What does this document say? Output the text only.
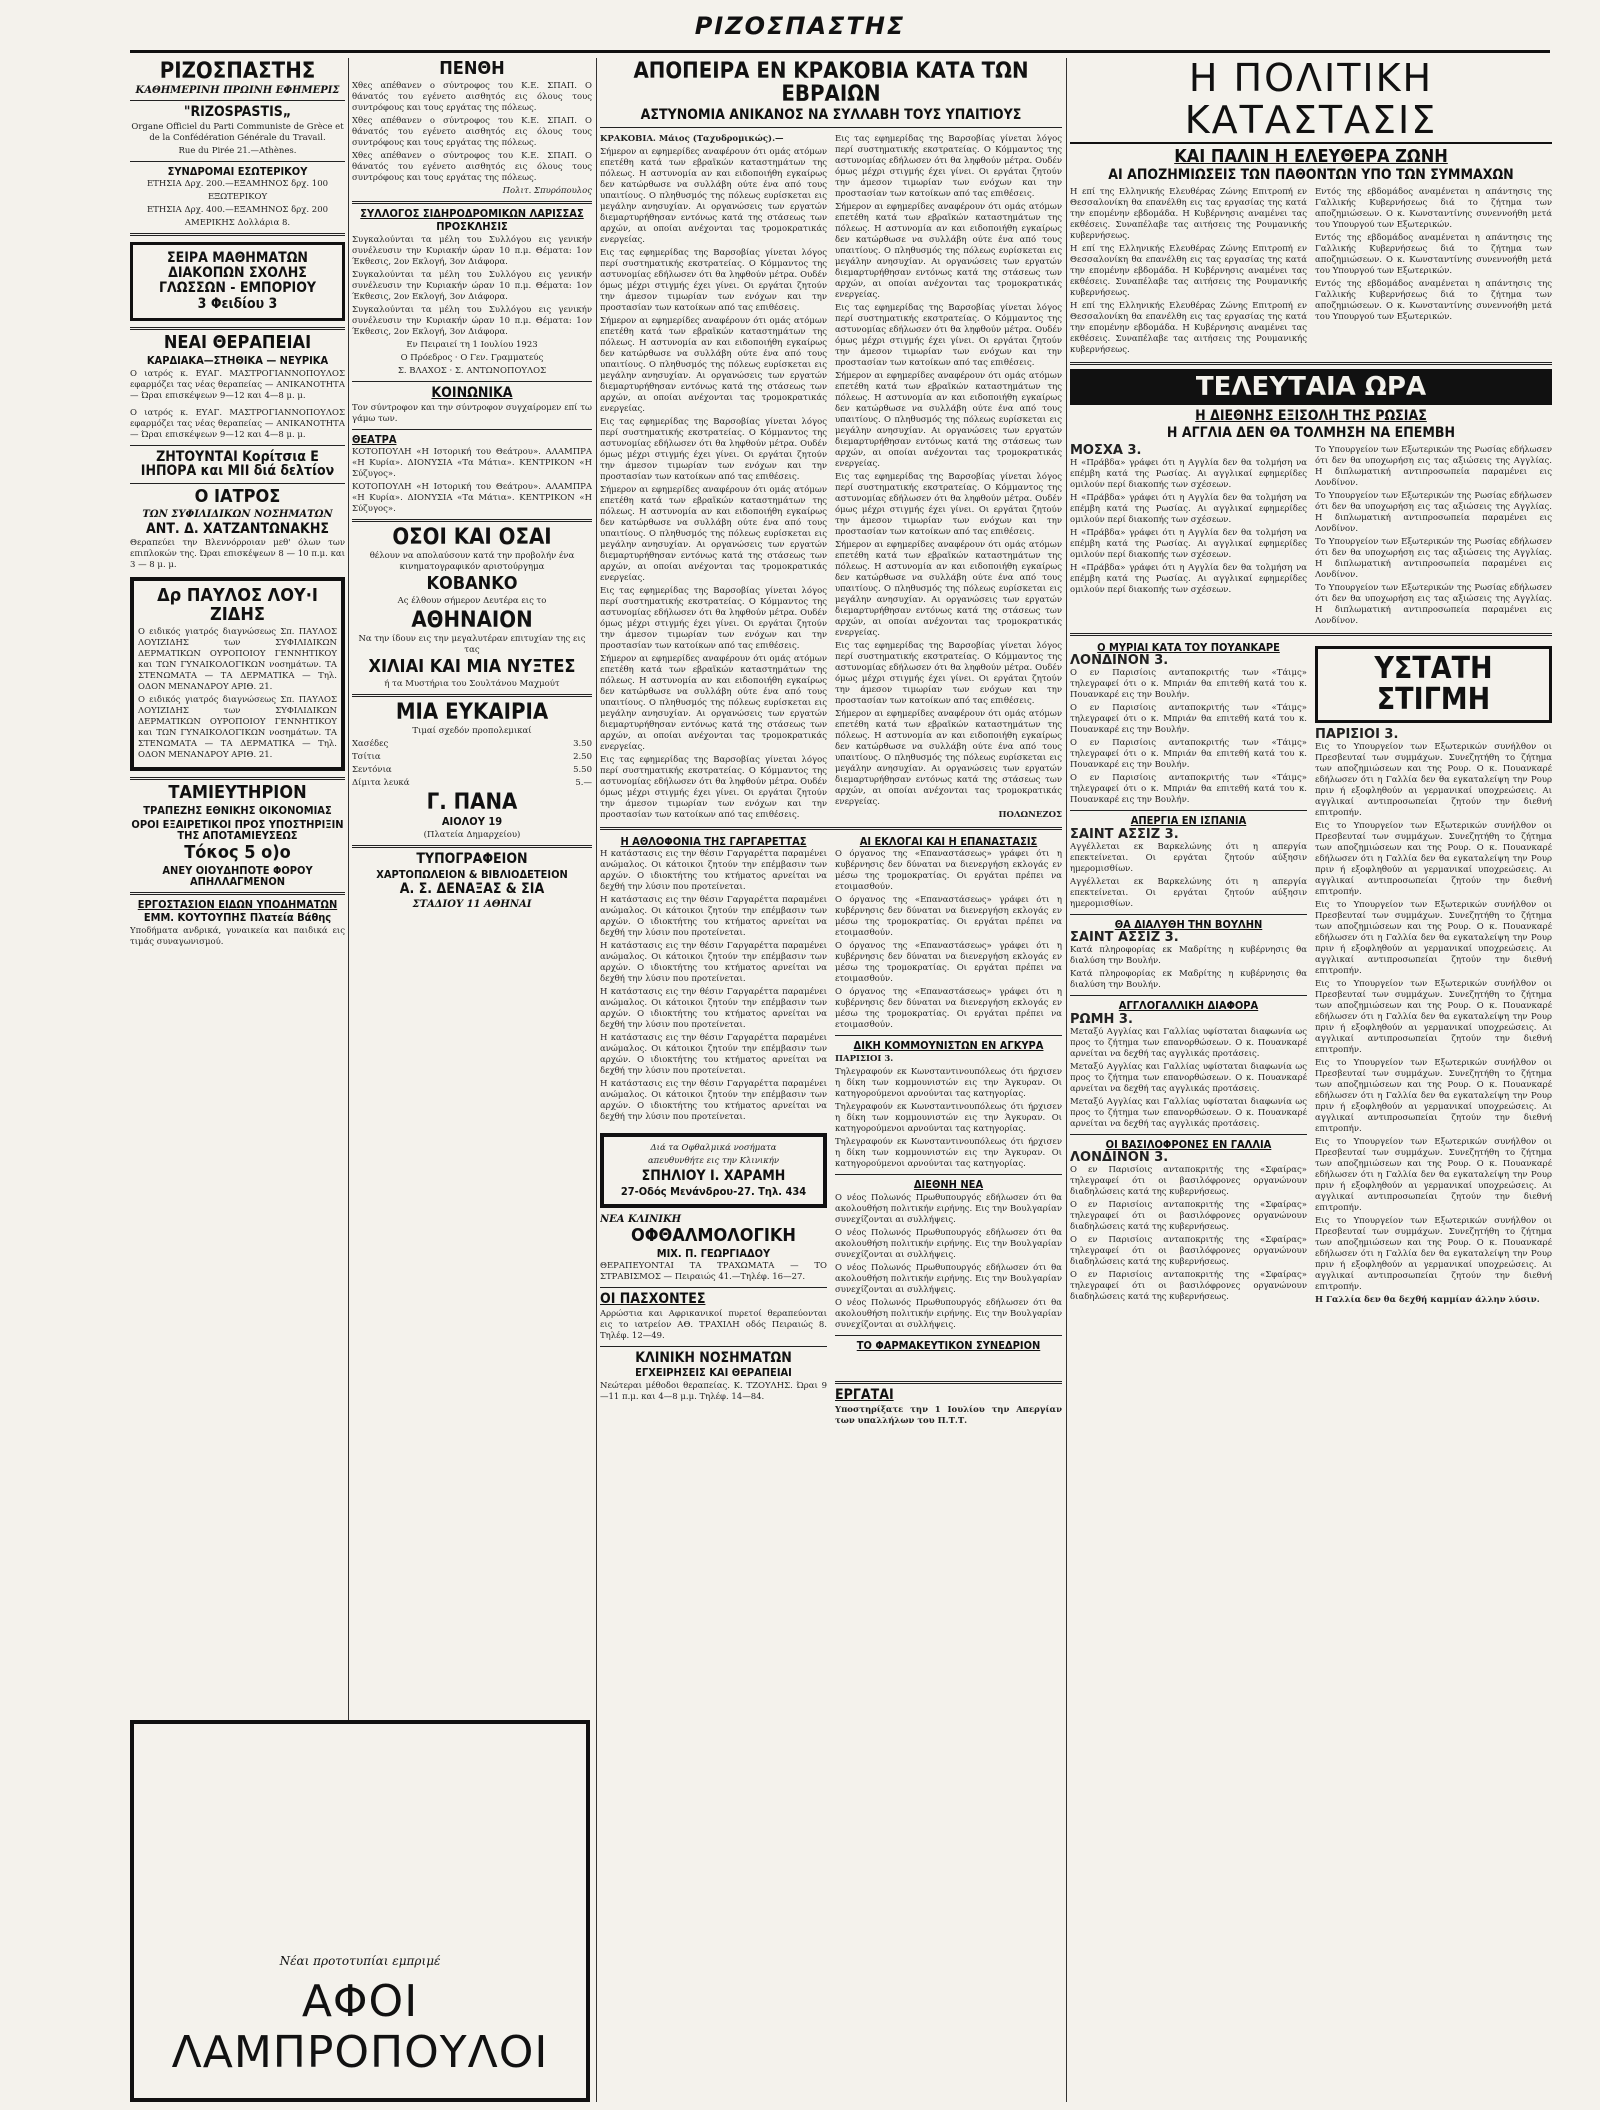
ΡΙΖΟΣΠΑΣΤΗΣ
ΡΙΖΟΣΠΑΣΤΗΣ
ΚΑΘΗΜΕΡΙΝΗ ΠΡΩΙΝΗ ΕΦΗΜΕΡΙΣ
"RIZOSPASTIS„
Organe Officiel du Parti Communiste de Grèce et de la Confédération Générale du Travail.
Rue du Pirée 21.—Athènes.
ΣΥΝΔΡΟΜΑΙ ΕΣΩΤΕΡΙΚΟΥ
ΕΤΗΣΙΑ Δρχ. 200.—ΕΞΑΜΗΝΟΣ δρχ. 100
ΕΞΩΤΕΡΙΚΟΥ
ΕΤΗΣΙΑ Δρχ. 400.—ΕΞΑΜΗΝΟΣ δρχ. 200
ΑΜΕΡΙΚΗΣ Δολλάρια 8.
ΣΕΙΡΑ ΜΑΘΗΜΑΤΩΝ ΔΙΑΚΟΠΩΝ ΣΧΟΛΗΣ ΓΛΩΣΣΩΝ - ΕΜΠΟΡΙΟΥ
3 Φειδίου 3
ΝΕΑΙ ΘΕΡΑΠΕΙΑΙ
ΚΑΡΔΙΑΚΑ—ΣΤΗΘΙΚΑ — ΝΕΥΡΙΚΑ
Ο ιατρός κ. ΕΥΑΓ. ΜΑΣΤΡΟΓΙΑΝΝΟΠΟΥΛΟΣ εφαρμόζει τας νέας θεραπείας — ΑΝΙΚΑΝΟΤΗΤΑ — Ώραι επισκέψεων 9—12 και 4—8 μ. μ.
Ο ιατρός κ. ΕΥΑΓ. ΜΑΣΤΡΟΓΙΑΝΝΟΠΟΥΛΟΣ εφαρμόζει τας νέας θεραπείας — ΑΝΙΚΑΝΟΤΗΤΑ — Ώραι επισκέψεων 9—12 και 4—8 μ. μ.
ΖΗΤΟΥΝΤΑΙ Κορίτσια Ε ΙΗΠΟΡΑ και ΜΙΙ διά δελτίον
Ο ΙΑΤΡΟΣ
ΤΩΝ ΣΥΦΙΛΙΔΙΚΩΝ ΝΟΣΗΜΑΤΩΝ
ΑΝΤ. Δ. ΧΑΤΖΑΝΤΩΝΑΚΗΣ
Θεραπεύει την Βλεννόρροιαν μεθ' όλων των επιπλοκών της. Ώραι επισκέψεων 8 — 10 π.μ. και 3 — 8 μ. μ.
Δρ ΠΑΥΛΟΣ ΛΟΥ·Ι ΖΙΔΗΣ
Ο ειδικός γιατρός διαγνώσεως Σπ. ΠΑΥΛΟΣ ΛΟΥΙΖΙΔΗΣ των ΣΥΦΙΛΙΔΙΚΩΝ ΔΕΡΜΑΤΙΚΩΝ ΟΥΡΟΠΟΙΟΥ ΓΕΝΝΗΤΙΚΟΥ και ΤΩΝ ΓΥΝΑΙΚΟΛΟΓΙΚΩΝ νοσημάτων. ΤΑ ΣΤΕΝΩΜΑΤΑ — ΤΑ ΔΕΡΜΑΤΙΚΑ — Τηλ. ΟΔΟΝ ΜΕΝΑΝΔΡΟΥ ΑΡΙΘ. 21.
Ο ειδικός γιατρός διαγνώσεως Σπ. ΠΑΥΛΟΣ ΛΟΥΙΖΙΔΗΣ των ΣΥΦΙΛΙΔΙΚΩΝ ΔΕΡΜΑΤΙΚΩΝ ΟΥΡΟΠΟΙΟΥ ΓΕΝΝΗΤΙΚΟΥ και ΤΩΝ ΓΥΝΑΙΚΟΛΟΓΙΚΩΝ νοσημάτων. ΤΑ ΣΤΕΝΩΜΑΤΑ — ΤΑ ΔΕΡΜΑΤΙΚΑ — Τηλ. ΟΔΟΝ ΜΕΝΑΝΔΡΟΥ ΑΡΙΘ. 21.
ΤΑΜΙΕΥΤΗΡΙΟΝ
ΤΡΑΠΕΖΗΣ ΕΘΝΙΚΗΣ ΟΙΚΟΝΟΜΙΑΣ
ΟΡΟΙ ΕΞΑΙΡΕΤΙΚΟΙ ΠΡΟΣ ΥΠΟΣΤΗΡΙΞΙΝ ΤΗΣ ΑΠΟΤΑΜΙΕΥΣΕΩΣ
Τόκος 5 ο)ο
ΑΝΕΥ ΟΙΟΥΔΗΠΟΤΕ ΦΟΡΟΥ ΑΠΗΛΛΑΓΜΕΝΟΝ
ΕΡΓΟΣΤΑΣΙΟΝ ΕΙΔΩΝ ΥΠΟΔΗΜΑΤΩΝ
ΕΜΜ. ΚΟΥΤΟΥΠΗΣ Πλατεία Βάθης
Υποδήματα ανδρικά, γυναικεία και παιδικά εις τιμάς συναγωνισμού.
ΠΕΝΘΗ
Χθες απέθανεν ο σύντροφος του Κ.Ε. ΣΠΑΠ. Ο θάνατός του εγένετο αισθητός εις όλους τους συντρόφους και τους εργάτας της πόλεως.
Χθες απέθανεν ο σύντροφος του Κ.Ε. ΣΠΑΠ. Ο θάνατός του εγένετο αισθητός εις όλους τους συντρόφους και τους εργάτας της πόλεως.
Χθες απέθανεν ο σύντροφος του Κ.Ε. ΣΠΑΠ. Ο θάνατός του εγένετο αισθητός εις όλους τους συντρόφους και τους εργάτας της πόλεως.
Πολιτ. Σπυρόπουλος
ΣΥΛΛΟΓΟΣ ΣΙΔΗΡΟΔΡΟΜΙΚΩΝ ΛΑΡΙΣΣΑΣ
ΠΡΟΣΚΛΗΣΙΣ
Συγκαλούνται τα μέλη του Συλλόγου εις γενικήν συνέλευσιν την Κυριακήν ώραν 10 π.μ. Θέματα: 1ον Έκθεσις, 2ον Εκλογή, 3ον Διάφορα.
Συγκαλούνται τα μέλη του Συλλόγου εις γενικήν συνέλευσιν την Κυριακήν ώραν 10 π.μ. Θέματα: 1ον Έκθεσις, 2ον Εκλογή, 3ον Διάφορα.
Συγκαλούνται τα μέλη του Συλλόγου εις γενικήν συνέλευσιν την Κυριακήν ώραν 10 π.μ. Θέματα: 1ον Έκθεσις, 2ον Εκλογή, 3ον Διάφορα.
Εν Πειραιεί τη 1 Ιουλίου 1923
Ο Πρόεδρος · Ο Γεν. Γραμματεύς
Σ. ΒΛΑΧΟΣ · Σ. ΑΝΤΩΝΟΠΟΥΛΟΣ
ΚΟΙΝΩΝΙΚΑ
Τον σύντροφον και την σύντροφον συγχαίρομεν επί τω γάμω των.
ΘΕΑΤΡΑ
ΚΟΤΟΠΟΥΛΗ «Η Ιστορική του Θεάτρου». ΑΛΑΜΠΡΑ «Η Κυρία». ΔΙΟΝΥΣΙΑ «Τα Μάτια». ΚΕΝΤΡΙΚΟΝ «Η Σύζυγος».
ΚΟΤΟΠΟΥΛΗ «Η Ιστορική του Θεάτρου». ΑΛΑΜΠΡΑ «Η Κυρία». ΔΙΟΝΥΣΙΑ «Τα Μάτια». ΚΕΝΤΡΙΚΟΝ «Η Σύζυγος».
ΟΣΟΙ ΚΑΙ ΟΣΑΙ
θέλουν να απολαύσουν κατά την προβολήν ένα κινηματογραφικόν αριστούργημα
ΚΟΒΑΝΚΟ
Ας έλθουν σήμερον Δευτέρα εις το
ΑΘΗΝΑΙΟΝ
Να την ίδουν εις την μεγαλυτέραν επιτυχίαν της εις τας
ΧΙΛΙΑΙ ΚΑΙ ΜΙΑ ΝΥΞΤΕΣ
ή τα Μυστήρια του Σουλτάνου Μαχμούτ
ΜΙΑ ΕΥΚΑΙΡΙΑ
Τιμαί σχεδόν προπολεμικαί
Χασέδες	3.50
Τσίτια	2.50
Σεντόνια	5.50
Δίμιτα λευκά	5.—
Γ. ΠΑΝΑ
ΑΙΟΛΟΥ 19
(Πλατεία Δημαρχείου)
ΤΥΠΟΓΡΑΦΕΙΟΝ
ΧΑΡΤΟΠΩΛΕΙΟΝ & ΒΙΒΛΙΟΔΕΤΕΙΟΝ
Α. Σ. ΔΕΝΑΞΑΣ & ΣΙΑ
ΣΤΑΔΙΟΥ 11 ΑΘΗΝΑΙ
ΑΠΟΠΕΙΡΑ ΕΝ ΚΡΑΚΟΒΙΑ ΚΑΤΑ ΤΩΝ ΕΒΡΑΙΩΝ
ΑΣΤΥΝΟΜΙΑ ΑΝΙΚΑΝΟΣ ΝΑ ΣΥΛΛΑΒΗ ΤΟΥΣ ΥΠΑΙΤΙΟΥΣ
ΚΡΑΚΟΒΙΑ. Μάιος (Ταχυδρομικώς).—
Σήμερον αι εφημερίδες αναφέρουν ότι ομάς ατόμων επετέθη κατά των εβραϊκών καταστημάτων της πόλεως. Η αστυνομία αν και ειδοποιήθη εγκαίρως δεν κατώρθωσε να συλλάβη ούτε ένα από τους υπαιτίους. Ο πληθυσμός της πόλεως ευρίσκεται εις μεγάλην ανησυχίαν. Αι οργανώσεις των εργατών διεμαρτυρήθησαν εντόνως κατά της στάσεως των αρχών, αι οποίαι ανέχονται τας τρομοκρατικάς ενεργείας.
Εις τας εφημερίδας της Βαρσοβίας γίνεται λόγος περί συστηματικής εκστρατείας. Ο Κόμμαντος της αστυνομίας εδήλωσεν ότι θα ληφθούν μέτρα. Ουδέν όμως μέχρι στιγμής έχει γίνει. Οι εργάται ζητούν την άμεσον τιμωρίαν των ενόχων και την προστασίαν των κατοίκων από τας επιθέσεις.
Σήμερον αι εφημερίδες αναφέρουν ότι ομάς ατόμων επετέθη κατά των εβραϊκών καταστημάτων της πόλεως. Η αστυνομία αν και ειδοποιήθη εγκαίρως δεν κατώρθωσε να συλλάβη ούτε ένα από τους υπαιτίους. Ο πληθυσμός της πόλεως ευρίσκεται εις μεγάλην ανησυχίαν. Αι οργανώσεις των εργατών διεμαρτυρήθησαν εντόνως κατά της στάσεως των αρχών, αι οποίαι ανέχονται τας τρομοκρατικάς ενεργείας.
Εις τας εφημερίδας της Βαρσοβίας γίνεται λόγος περί συστηματικής εκστρατείας. Ο Κόμμαντος της αστυνομίας εδήλωσεν ότι θα ληφθούν μέτρα. Ουδέν όμως μέχρι στιγμής έχει γίνει. Οι εργάται ζητούν την άμεσον τιμωρίαν των ενόχων και την προστασίαν των κατοίκων από τας επιθέσεις.
Σήμερον αι εφημερίδες αναφέρουν ότι ομάς ατόμων επετέθη κατά των εβραϊκών καταστημάτων της πόλεως. Η αστυνομία αν και ειδοποιήθη εγκαίρως δεν κατώρθωσε να συλλάβη ούτε ένα από τους υπαιτίους. Ο πληθυσμός της πόλεως ευρίσκεται εις μεγάλην ανησυχίαν. Αι οργανώσεις των εργατών διεμαρτυρήθησαν εντόνως κατά της στάσεως των αρχών, αι οποίαι ανέχονται τας τρομοκρατικάς ενεργείας.
Εις τας εφημερίδας της Βαρσοβίας γίνεται λόγος περί συστηματικής εκστρατείας. Ο Κόμμαντος της αστυνομίας εδήλωσεν ότι θα ληφθούν μέτρα. Ουδέν όμως μέχρι στιγμής έχει γίνει. Οι εργάται ζητούν την άμεσον τιμωρίαν των ενόχων και την προστασίαν των κατοίκων από τας επιθέσεις.
Σήμερον αι εφημερίδες αναφέρουν ότι ομάς ατόμων επετέθη κατά των εβραϊκών καταστημάτων της πόλεως. Η αστυνομία αν και ειδοποιήθη εγκαίρως δεν κατώρθωσε να συλλάβη ούτε ένα από τους υπαιτίους. Ο πληθυσμός της πόλεως ευρίσκεται εις μεγάλην ανησυχίαν. Αι οργανώσεις των εργατών διεμαρτυρήθησαν εντόνως κατά της στάσεως των αρχών, αι οποίαι ανέχονται τας τρομοκρατικάς ενεργείας.
Εις τας εφημερίδας της Βαρσοβίας γίνεται λόγος περί συστηματικής εκστρατείας. Ο Κόμμαντος της αστυνομίας εδήλωσεν ότι θα ληφθούν μέτρα. Ουδέν όμως μέχρι στιγμής έχει γίνει. Οι εργάται ζητούν την άμεσον τιμωρίαν των ενόχων και την προστασίαν των κατοίκων από τας επιθέσεις.
Εις τας εφημερίδας της Βαρσοβίας γίνεται λόγος περί συστηματικής εκστρατείας. Ο Κόμμαντος της αστυνομίας εδήλωσεν ότι θα ληφθούν μέτρα. Ουδέν όμως μέχρι στιγμής έχει γίνει. Οι εργάται ζητούν την άμεσον τιμωρίαν των ενόχων και την προστασίαν των κατοίκων από τας επιθέσεις.
Σήμερον αι εφημερίδες αναφέρουν ότι ομάς ατόμων επετέθη κατά των εβραϊκών καταστημάτων της πόλεως. Η αστυνομία αν και ειδοποιήθη εγκαίρως δεν κατώρθωσε να συλλάβη ούτε ένα από τους υπαιτίους. Ο πληθυσμός της πόλεως ευρίσκεται εις μεγάλην ανησυχίαν. Αι οργανώσεις των εργατών διεμαρτυρήθησαν εντόνως κατά της στάσεως των αρχών, αι οποίαι ανέχονται τας τρομοκρατικάς ενεργείας.
Εις τας εφημερίδας της Βαρσοβίας γίνεται λόγος περί συστηματικής εκστρατείας. Ο Κόμμαντος της αστυνομίας εδήλωσεν ότι θα ληφθούν μέτρα. Ουδέν όμως μέχρι στιγμής έχει γίνει. Οι εργάται ζητούν την άμεσον τιμωρίαν των ενόχων και την προστασίαν των κατοίκων από τας επιθέσεις.
Σήμερον αι εφημερίδες αναφέρουν ότι ομάς ατόμων επετέθη κατά των εβραϊκών καταστημάτων της πόλεως. Η αστυνομία αν και ειδοποιήθη εγκαίρως δεν κατώρθωσε να συλλάβη ούτε ένα από τους υπαιτίους. Ο πληθυσμός της πόλεως ευρίσκεται εις μεγάλην ανησυχίαν. Αι οργανώσεις των εργατών διεμαρτυρήθησαν εντόνως κατά της στάσεως των αρχών, αι οποίαι ανέχονται τας τρομοκρατικάς ενεργείας.
Εις τας εφημερίδας της Βαρσοβίας γίνεται λόγος περί συστηματικής εκστρατείας. Ο Κόμμαντος της αστυνομίας εδήλωσεν ότι θα ληφθούν μέτρα. Ουδέν όμως μέχρι στιγμής έχει γίνει. Οι εργάται ζητούν την άμεσον τιμωρίαν των ενόχων και την προστασίαν των κατοίκων από τας επιθέσεις.
Σήμερον αι εφημερίδες αναφέρουν ότι ομάς ατόμων επετέθη κατά των εβραϊκών καταστημάτων της πόλεως. Η αστυνομία αν και ειδοποιήθη εγκαίρως δεν κατώρθωσε να συλλάβη ούτε ένα από τους υπαιτίους. Ο πληθυσμός της πόλεως ευρίσκεται εις μεγάλην ανησυχίαν. Αι οργανώσεις των εργατών διεμαρτυρήθησαν εντόνως κατά της στάσεως των αρχών, αι οποίαι ανέχονται τας τρομοκρατικάς ενεργείας.
Εις τας εφημερίδας της Βαρσοβίας γίνεται λόγος περί συστηματικής εκστρατείας. Ο Κόμμαντος της αστυνομίας εδήλωσεν ότι θα ληφθούν μέτρα. Ουδέν όμως μέχρι στιγμής έχει γίνει. Οι εργάται ζητούν την άμεσον τιμωρίαν των ενόχων και την προστασίαν των κατοίκων από τας επιθέσεις.
Σήμερον αι εφημερίδες αναφέρουν ότι ομάς ατόμων επετέθη κατά των εβραϊκών καταστημάτων της πόλεως. Η αστυνομία αν και ειδοποιήθη εγκαίρως δεν κατώρθωσε να συλλάβη ούτε ένα από τους υπαιτίους. Ο πληθυσμός της πόλεως ευρίσκεται εις μεγάλην ανησυχίαν. Αι οργανώσεις των εργατών διεμαρτυρήθησαν εντόνως κατά της στάσεως των αρχών, αι οποίαι ανέχονται τας τρομοκρατικάς ενεργείας.
ΠΟΛΩΝΕΖΟΣ
Η ΑΘΛΟΦΟΝΙΑ ΤΗΣ ΓΑΡΓΑΡΕΤΤΑΣ
Η κατάστασις εις την θέσιν Γαργαρέττα παραμένει ανώμαλος. Οι κάτοικοι ζητούν την επέμβασιν των αρχών. Ο ιδιοκτήτης του κτήματος αρνείται να δεχθή την λύσιν που προτείνεται.
Η κατάστασις εις την θέσιν Γαργαρέττα παραμένει ανώμαλος. Οι κάτοικοι ζητούν την επέμβασιν των αρχών. Ο ιδιοκτήτης του κτήματος αρνείται να δεχθή την λύσιν που προτείνεται.
Η κατάστασις εις την θέσιν Γαργαρέττα παραμένει ανώμαλος. Οι κάτοικοι ζητούν την επέμβασιν των αρχών. Ο ιδιοκτήτης του κτήματος αρνείται να δεχθή την λύσιν που προτείνεται.
Η κατάστασις εις την θέσιν Γαργαρέττα παραμένει ανώμαλος. Οι κάτοικοι ζητούν την επέμβασιν των αρχών. Ο ιδιοκτήτης του κτήματος αρνείται να δεχθή την λύσιν που προτείνεται.
Η κατάστασις εις την θέσιν Γαργαρέττα παραμένει ανώμαλος. Οι κάτοικοι ζητούν την επέμβασιν των αρχών. Ο ιδιοκτήτης του κτήματος αρνείται να δεχθή την λύσιν που προτείνεται.
Η κατάστασις εις την θέσιν Γαργαρέττα παραμένει ανώμαλος. Οι κάτοικοι ζητούν την επέμβασιν των αρχών. Ο ιδιοκτήτης του κτήματος αρνείται να δεχθή την λύσιν που προτείνεται.
Διά τα Οφθαλμικά νοσήματα
απευθυνθήτε εις την Κλινικήν
ΣΠΗΛΙΟΥ Ι. ΧΑΡΑΜΗ
27-Οδός Μενάνδρου-27. Τηλ. 434
ΝΕΑ ΚΛΙΝΙΚΗ
ΟΦΘΑΛΜΟΛΟΓΙΚΗ
ΜΙΧ. Π. ΓΕΩΡΓΙΑΔΟΥ
ΘΕΡΑΠΕΥΟΝΤΑΙ ΤΑ ΤΡΑΧΩΜΑΤΑ — ΤΟ ΣΤΡΑΒΙΣΜΟΣ — Πειραιώς 41.—Τηλέφ. 16—27.
ΟΙ ΠΑΣΧΟΝΤΕΣ
Αρρώστια και Αφρικανικοί πυρετοί θεραπεύονται εις το ιατρείον ΑΘ. ΤΡΑΧΙΛΗ οδός Πειραιώς 8. Τηλέφ. 12—49.
ΚΛΙΝΙΚΗ ΝΟΣΗΜΑΤΩΝ
ΕΓΧΕΙΡΗΣΕΙΣ ΚΑΙ ΘΕΡΑΠΕΙΑΙ
Νεώτεραι μέθοδοι θεραπείας. Κ. ΤΖΟΥΛΗΣ. Ώραι 9—11 π.μ. και 4—8 μ.μ. Τηλέφ. 14—84.
ΑΙ ΕΚΛΟΓΑΙ ΚΑΙ Η ΕΠΑΝΑΣΤΑΣΙΣ
Ο όργανος της «Επαναστάσεως» γράφει ότι η κυβέρνησις δεν δύναται να διενεργήση εκλογάς εν μέσω της τρομοκρατίας. Οι εργάται πρέπει να ετοιμασθούν.
Ο όργανος της «Επαναστάσεως» γράφει ότι η κυβέρνησις δεν δύναται να διενεργήση εκλογάς εν μέσω της τρομοκρατίας. Οι εργάται πρέπει να ετοιμασθούν.
Ο όργανος της «Επαναστάσεως» γράφει ότι η κυβέρνησις δεν δύναται να διενεργήση εκλογάς εν μέσω της τρομοκρατίας. Οι εργάται πρέπει να ετοιμασθούν.
Ο όργανος της «Επαναστάσεως» γράφει ότι η κυβέρνησις δεν δύναται να διενεργήση εκλογάς εν μέσω της τρομοκρατίας. Οι εργάται πρέπει να ετοιμασθούν.
ΔΙΚΗ ΚΟΜΜΟΥΝΙΣΤΩΝ ΕΝ ΑΓΚΥΡΑ
ΠΑΡΙΣΙΟΙ 3.
Τηλεγραφούν εκ Κωνσταντινουπόλεως ότι ήρχισεν η δίκη των κομμουνιστών εις την Άγκυραν. Οι κατηγορούμενοι αρνούνται τας κατηγορίας.
Τηλεγραφούν εκ Κωνσταντινουπόλεως ότι ήρχισεν η δίκη των κομμουνιστών εις την Άγκυραν. Οι κατηγορούμενοι αρνούνται τας κατηγορίας.
Τηλεγραφούν εκ Κωνσταντινουπόλεως ότι ήρχισεν η δίκη των κομμουνιστών εις την Άγκυραν. Οι κατηγορούμενοι αρνούνται τας κατηγορίας.
ΔΙΕΘΝΗ ΝΕΑ
Ο νέος Πολωνός Πρωθυπουργός εδήλωσεν ότι θα ακολουθήση πολιτικήν ειρήνης. Εις την Βουλγαρίαν συνεχίζονται αι συλλήψεις.
Ο νέος Πολωνός Πρωθυπουργός εδήλωσεν ότι θα ακολουθήση πολιτικήν ειρήνης. Εις την Βουλγαρίαν συνεχίζονται αι συλλήψεις.
Ο νέος Πολωνός Πρωθυπουργός εδήλωσεν ότι θα ακολουθήση πολιτικήν ειρήνης. Εις την Βουλγαρίαν συνεχίζονται αι συλλήψεις.
Ο νέος Πολωνός Πρωθυπουργός εδήλωσεν ότι θα ακολουθήση πολιτικήν ειρήνης. Εις την Βουλγαρίαν συνεχίζονται αι συλλήψεις.
ΤΟ ΦΑΡΜΑΚΕΥΤΙΚΟΝ ΣΥΝΕΔΡΙΟΝ
ΕΡΓΑΤΑΙ
Υποστηρίξατε την 1 Ιουλίου την Απεργίαν των υπαλλήλων του Π.Τ.Τ.
Η ΠΟΛΙΤΙΚΗ ΚΑΤΑΣΤΑΣΙΣ
ΚΑΙ ΠΑΛΙΝ Η ΕΛΕΥΘΕΡΑ ΖΩΝΗ
ΑΙ ΑΠΟΖΗΜΙΩΣΕΙΣ ΤΩΝ ΠΑΘΟΝΤΩΝ ΥΠΟ ΤΩΝ ΣΥΜΜΑΧΩΝ
Η επί της Ελληνικής Ελευθέρας Ζώνης Επιτροπή εν Θεσσαλονίκη θα επανέλθη εις τας εργασίας της κατά την επομένην εβδομάδα. Η Κυβέρνησις αναμένει τας εκθέσεις. Συναπέλαβε τας αιτήσεις της Ρουμανικής κυβερνήσεως.
Η επί της Ελληνικής Ελευθέρας Ζώνης Επιτροπή εν Θεσσαλονίκη θα επανέλθη εις τας εργασίας της κατά την επομένην εβδομάδα. Η Κυβέρνησις αναμένει τας εκθέσεις. Συναπέλαβε τας αιτήσεις της Ρουμανικής κυβερνήσεως.
Η επί της Ελληνικής Ελευθέρας Ζώνης Επιτροπή εν Θεσσαλονίκη θα επανέλθη εις τας εργασίας της κατά την επομένην εβδομάδα. Η Κυβέρνησις αναμένει τας εκθέσεις. Συναπέλαβε τας αιτήσεις της Ρουμανικής κυβερνήσεως.
Εντός της εβδομάδος αναμένεται η απάντησις της Γαλλικής Κυβερνήσεως διά το ζήτημα των αποζημιώσεων. Ο κ. Κωνσταντίνης συνεννοήθη μετά του Υπουργού των Εξωτερικών.
Εντός της εβδομάδος αναμένεται η απάντησις της Γαλλικής Κυβερνήσεως διά το ζήτημα των αποζημιώσεων. Ο κ. Κωνσταντίνης συνεννοήθη μετά του Υπουργού των Εξωτερικών.
Εντός της εβδομάδος αναμένεται η απάντησις της Γαλλικής Κυβερνήσεως διά το ζήτημα των αποζημιώσεων. Ο κ. Κωνσταντίνης συνεννοήθη μετά του Υπουργού των Εξωτερικών.
ΤΕΛΕΥΤΑΙΑ ΩΡΑ
Η ΔΙΕΘΝΗΣ ΕΞΙΣΟΛΗ ΤΗΣ ΡΩΣΙΑΣ
Η ΑΓΓΛΙΑ ΔΕΝ ΘΑ ΤΟΛΜΗΣΗ ΝΑ ΕΠΕΜΒΗ
ΜΟΣΧΑ 3.
Η «Πράβδα» γράφει ότι η Αγγλία δεν θα τολμήση να επέμβη κατά της Ρωσίας. Αι αγγλικαί εφημερίδες ομιλούν περί διακοπής των σχέσεων.
Η «Πράβδα» γράφει ότι η Αγγλία δεν θα τολμήση να επέμβη κατά της Ρωσίας. Αι αγγλικαί εφημερίδες ομιλούν περί διακοπής των σχέσεων.
Η «Πράβδα» γράφει ότι η Αγγλία δεν θα τολμήση να επέμβη κατά της Ρωσίας. Αι αγγλικαί εφημερίδες ομιλούν περί διακοπής των σχέσεων.
Η «Πράβδα» γράφει ότι η Αγγλία δεν θα τολμήση να επέμβη κατά της Ρωσίας. Αι αγγλικαί εφημερίδες ομιλούν περί διακοπής των σχέσεων.
Το Υπουργείον των Εξωτερικών της Ρωσίας εδήλωσεν ότι δεν θα υποχωρήση εις τας αξιώσεις της Αγγλίας. Η διπλωματική αντιπροσωπεία παραμένει εις Λονδίνον.
Το Υπουργείον των Εξωτερικών της Ρωσίας εδήλωσεν ότι δεν θα υποχωρήση εις τας αξιώσεις της Αγγλίας. Η διπλωματική αντιπροσωπεία παραμένει εις Λονδίνον.
Το Υπουργείον των Εξωτερικών της Ρωσίας εδήλωσεν ότι δεν θα υποχωρήση εις τας αξιώσεις της Αγγλίας. Η διπλωματική αντιπροσωπεία παραμένει εις Λονδίνον.
Το Υπουργείον των Εξωτερικών της Ρωσίας εδήλωσεν ότι δεν θα υποχωρήση εις τας αξιώσεις της Αγγλίας. Η διπλωματική αντιπροσωπεία παραμένει εις Λονδίνον.
Ο ΜΥΡΙΑΙ ΚΑΤΑ ΤΟΥ ΠΟΥΑΝΚΑΡΕ
ΛΟΝΔΙΝΟΝ 3.
Ο εν Παρισίοις ανταποκριτής των «Τάιμς» τηλεγραφεί ότι ο κ. Μπριάν θα επιτεθή κατά του κ. Πουανκαρέ εις την Βουλήν.
Ο εν Παρισίοις ανταποκριτής των «Τάιμς» τηλεγραφεί ότι ο κ. Μπριάν θα επιτεθή κατά του κ. Πουανκαρέ εις την Βουλήν.
Ο εν Παρισίοις ανταποκριτής των «Τάιμς» τηλεγραφεί ότι ο κ. Μπριάν θα επιτεθή κατά του κ. Πουανκαρέ εις την Βουλήν.
Ο εν Παρισίοις ανταποκριτής των «Τάιμς» τηλεγραφεί ότι ο κ. Μπριάν θα επιτεθή κατά του κ. Πουανκαρέ εις την Βουλήν.
ΑΠΕΡΓΙΑ ΕΝ ΙΣΠΑΝΙΑ
ΣΑΙΝΤ ΑΣΣΙΖ 3.
Αγγέλλεται εκ Βαρκελώνης ότι η απεργία επεκτείνεται. Οι εργάται ζητούν αύξησιν ημερομισθίων.
Αγγέλλεται εκ Βαρκελώνης ότι η απεργία επεκτείνεται. Οι εργάται ζητούν αύξησιν ημερομισθίων.
ΘΑ ΔΙΑΛΥΘΗ ΤΗΝ ΒΟΥΛΗΝ
ΣΑΙΝΤ ΑΣΣΙΖ 3.
Κατά πληροφορίας εκ Μαδρίτης η κυβέρνησις θα διαλύση την Βουλήν.
Κατά πληροφορίας εκ Μαδρίτης η κυβέρνησις θα διαλύση την Βουλήν.
ΑΓΓΛΟΓΑΛΛΙΚΗ ΔΙΑΦΟΡΑ
ΡΩΜΗ 3.
Μεταξύ Αγγλίας και Γαλλίας υφίσταται διαφωνία ως προς το ζήτημα των επανορθώσεων. Ο κ. Πουανκαρέ αρνείται να δεχθή τας αγγλικάς προτάσεις.
Μεταξύ Αγγλίας και Γαλλίας υφίσταται διαφωνία ως προς το ζήτημα των επανορθώσεων. Ο κ. Πουανκαρέ αρνείται να δεχθή τας αγγλικάς προτάσεις.
Μεταξύ Αγγλίας και Γαλλίας υφίσταται διαφωνία ως προς το ζήτημα των επανορθώσεων. Ο κ. Πουανκαρέ αρνείται να δεχθή τας αγγλικάς προτάσεις.
ΟΙ ΒΑΣΙΛΟΦΡΟΝΕΣ ΕΝ ΓΑΛΛΙΑ
ΛΟΝΔΙΝΟΝ 3.
Ο εν Παρισίοις ανταποκριτής της «Σφαίρας» τηλεγραφεί ότι οι βασιλόφρονες οργανώνουν διαδηλώσεις κατά της κυβερνήσεως.
Ο εν Παρισίοις ανταποκριτής της «Σφαίρας» τηλεγραφεί ότι οι βασιλόφρονες οργανώνουν διαδηλώσεις κατά της κυβερνήσεως.
Ο εν Παρισίοις ανταποκριτής της «Σφαίρας» τηλεγραφεί ότι οι βασιλόφρονες οργανώνουν διαδηλώσεις κατά της κυβερνήσεως.
Ο εν Παρισίοις ανταποκριτής της «Σφαίρας» τηλεγραφεί ότι οι βασιλόφρονες οργανώνουν διαδηλώσεις κατά της κυβερνήσεως.
ΥΣΤΑΤΗ ΣΤΙΓΜΗ
ΠΑΡΙΣΙΟΙ 3.
Εις το Υπουργείον των Εξωτερικών συνήλθον οι Πρεσβευταί των συμμάχων. Συνεζητήθη το ζήτημα των αποζημιώσεων και της Ρουρ. Ο κ. Πουανκαρέ εδήλωσεν ότι η Γαλλία δεν θα εγκαταλείψη την Ρουρ πριν ή εξοφληθούν αι γερμανικαί υποχρεώσεις. Αι αγγλικαί αντιπροσωπείαι ζητούν την διεθνή επιτροπήν.
Εις το Υπουργείον των Εξωτερικών συνήλθον οι Πρεσβευταί των συμμάχων. Συνεζητήθη το ζήτημα των αποζημιώσεων και της Ρουρ. Ο κ. Πουανκαρέ εδήλωσεν ότι η Γαλλία δεν θα εγκαταλείψη την Ρουρ πριν ή εξοφληθούν αι γερμανικαί υποχρεώσεις. Αι αγγλικαί αντιπροσωπείαι ζητούν την διεθνή επιτροπήν.
Εις το Υπουργείον των Εξωτερικών συνήλθον οι Πρεσβευταί των συμμάχων. Συνεζητήθη το ζήτημα των αποζημιώσεων και της Ρουρ. Ο κ. Πουανκαρέ εδήλωσεν ότι η Γαλλία δεν θα εγκαταλείψη την Ρουρ πριν ή εξοφληθούν αι γερμανικαί υποχρεώσεις. Αι αγγλικαί αντιπροσωπείαι ζητούν την διεθνή επιτροπήν.
Εις το Υπουργείον των Εξωτερικών συνήλθον οι Πρεσβευταί των συμμάχων. Συνεζητήθη το ζήτημα των αποζημιώσεων και της Ρουρ. Ο κ. Πουανκαρέ εδήλωσεν ότι η Γαλλία δεν θα εγκαταλείψη την Ρουρ πριν ή εξοφληθούν αι γερμανικαί υποχρεώσεις. Αι αγγλικαί αντιπροσωπείαι ζητούν την διεθνή επιτροπήν.
Εις το Υπουργείον των Εξωτερικών συνήλθον οι Πρεσβευταί των συμμάχων. Συνεζητήθη το ζήτημα των αποζημιώσεων και της Ρουρ. Ο κ. Πουανκαρέ εδήλωσεν ότι η Γαλλία δεν θα εγκαταλείψη την Ρουρ πριν ή εξοφληθούν αι γερμανικαί υποχρεώσεις. Αι αγγλικαί αντιπροσωπείαι ζητούν την διεθνή επιτροπήν.
Εις το Υπουργείον των Εξωτερικών συνήλθον οι Πρεσβευταί των συμμάχων. Συνεζητήθη το ζήτημα των αποζημιώσεων και της Ρουρ. Ο κ. Πουανκαρέ εδήλωσεν ότι η Γαλλία δεν θα εγκαταλείψη την Ρουρ πριν ή εξοφληθούν αι γερμανικαί υποχρεώσεις. Αι αγγλικαί αντιπροσωπείαι ζητούν την διεθνή επιτροπήν.
Εις το Υπουργείον των Εξωτερικών συνήλθον οι Πρεσβευταί των συμμάχων. Συνεζητήθη το ζήτημα των αποζημιώσεων και της Ρουρ. Ο κ. Πουανκαρέ εδήλωσεν ότι η Γαλλία δεν θα εγκαταλείψη την Ρουρ πριν ή εξοφληθούν αι γερμανικαί υποχρεώσεις. Αι αγγλικαί αντιπροσωπείαι ζητούν την διεθνή επιτροπήν.
Η Γαλλία δεν θα δεχθή καμμίαν άλλην λύσιν.
Νέαι προτοτυπίαι εμπριμέ
ΑΦΟΙ ΛΑΜΠΡΟΠΟΥΛΟΙ
